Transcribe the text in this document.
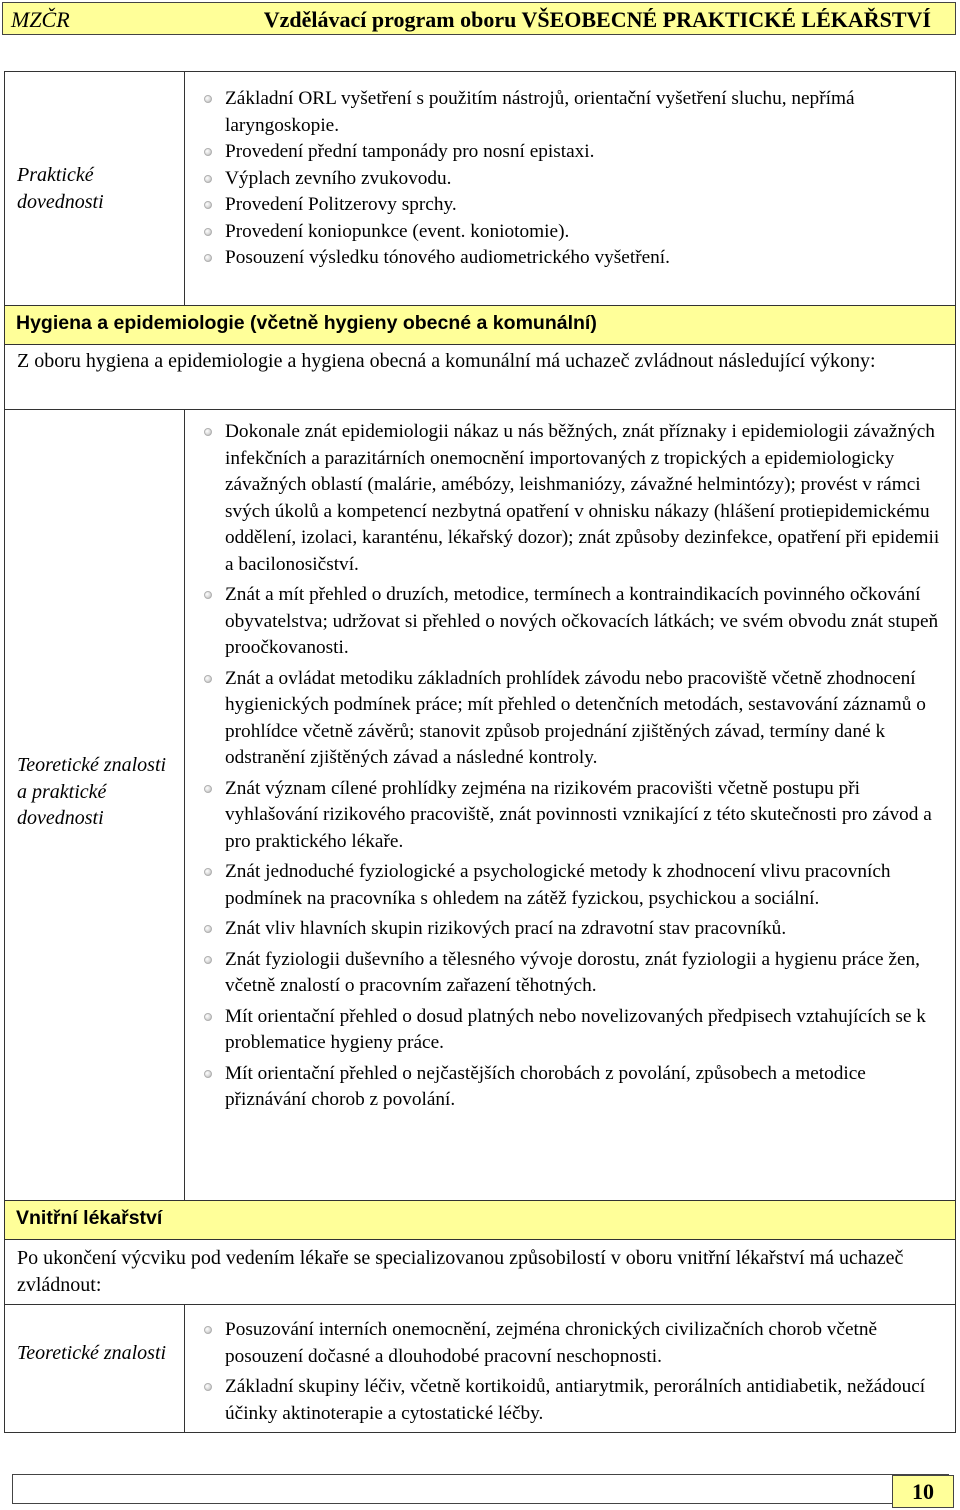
MZČR	Vzdělávací program oboru VŠEOBECNÉ PRAKTICKÉ LÉKAŘSTVÍ
Praktické dovednosti
Základní ORL vyšetření s použitím nástrojů, orientační vyšetření sluchu, nepřímá laryngoskopie.
Provedení přední tamponády pro nosní epistaxi.
Výplach zevního zvukovodu.
Provedení Politzerovy sprchy.
Provedení koniopunkce (event. koniotomie).
Posouzení výsledku tónového audiometrického vyšetření.
Hygiena a epidemiologie (včetně hygieny obecné a komunální)
Z oboru hygiena a epidemiologie a hygiena obecná a komunální má uchazeč zvládnout následující výkony:
Teoretické znalosti a praktické dovednosti
Dokonale znát epidemiologii nákaz u nás běžných, znát příznaky i epidemiologii závažných infekčních a parazitárních onemocnění importovaných z tropických a epidemiologicky závažných oblastí (malárie, amébózy, leishmaniózy, závažné helmintózy); provést v rámci svých úkolů a kompetencí nezbytná opatření v ohnisku nákazy (hlášení protiepidemickému oddělení, izolaci, karanténu, lékařský dozor); znát způsoby dezinfekce, opatření při epidemii a bacilonosičství.
Znát a mít přehled o druzích, metodice, termínech a kontraindikacích povinného očkování obyvatelstva; udržovat si přehled o nových očkovacích látkách; ve svém obvodu znát stupeň proočkovanosti.
Znát a ovládat metodiku základních prohlídek závodu nebo pracoviště včetně zhodnocení hygienických podmínek práce; mít přehled o detenčních metodách, sestavování záznamů o prohlídce včetně závěrů; stanovit způsob projednání zjištěných závad, termíny dané k odstranění zjištěných závad a následné kontroly.
Znát význam cílené prohlídky zejména na rizikovém pracovišti včetně postupu při vyhlašování rizikového pracoviště, znát povinnosti vznikající z této skutečnosti pro závod a pro praktického lékaře.
Znát jednoduché fyziologické a psychologické metody k zhodnocení vlivu pracovních podmínek na pracovníka s ohledem na zátěž fyzickou, psychickou a sociální.
Znát vliv hlavních skupin rizikových prací na zdravotní stav pracovníků.
Znát fyziologii duševního a tělesného vývoje dorostu, znát fyziologii a hygienu práce žen, včetně znalostí o pracovním zařazení těhotných.
Mít orientační přehled o dosud platných nebo novelizovaných předpisech vztahujících se k problematice hygieny práce.
Mít orientační přehled o nejčastějších chorobách z povolání, způsobech a metodice přiznávání chorob z povolání.
Vnitřní lékařství
Po ukončení výcviku pod vedením lékaře se specializovanou způsobilostí v oboru vnitřní lékařství má uchazeč zvládnout:
Teoretické znalosti
Posuzování interních onemocnění, zejména chronických civilizačních chorob včetně posouzení dočasné a dlouhodobé pracovní neschopnosti.
Základní skupiny léčiv, včetně kortikoidů, antiarytmik, perorálních antidiabetik, nežádoucí účinky aktinoterapie a cytostatické léčby.
10
